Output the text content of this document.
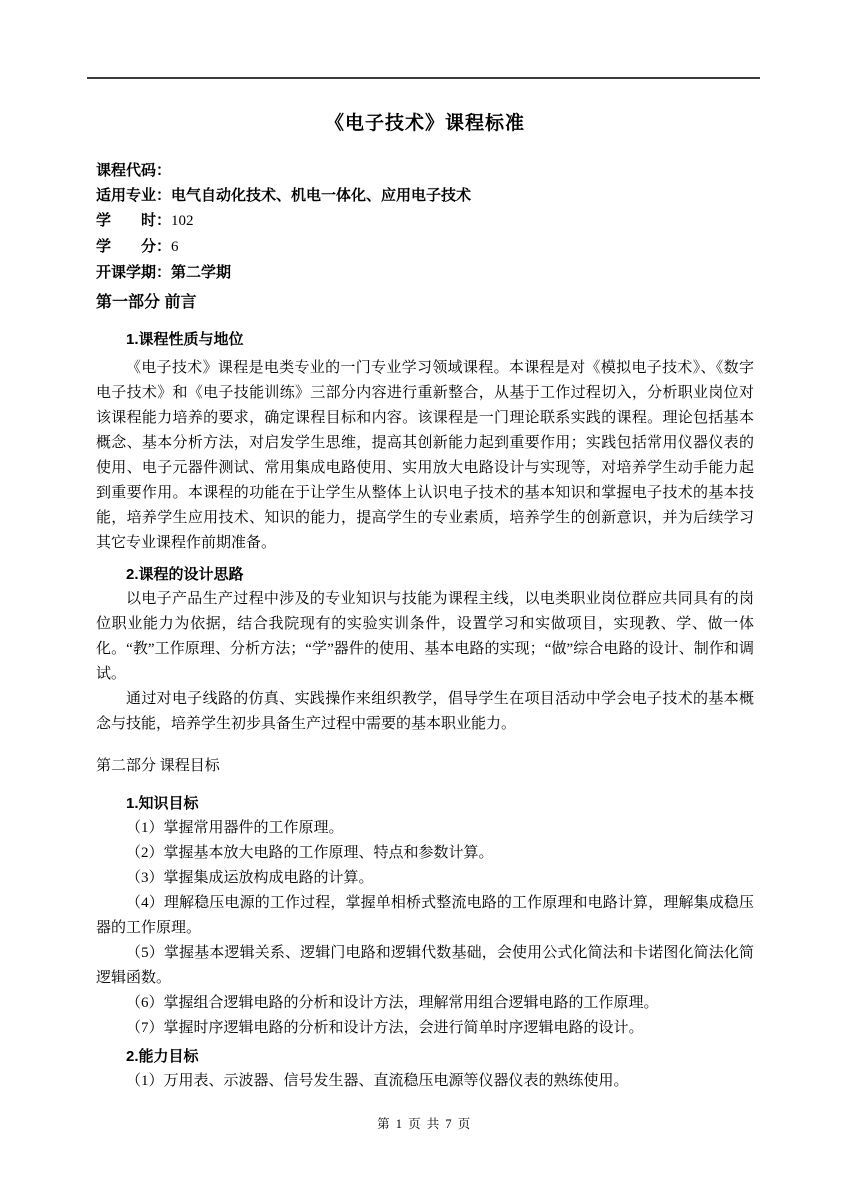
《电子技术》课程标准
课程代码：
适用专业：电气自动化技术、机电一体化、应用电子技术
学　　时：102
学　　分：6
开课学期：第二学期
第一部分 前言
1.课程性质与地位

《电子技术》课程是电类专业的一门专业学习领域课程。本课程是对《模拟电子技术》、《数字电子技术》和《电子技能训练》三部分内容进行重新整合，从基于工作过程切入，分析职业岗位对该课程能力培养的要求，确定课程目标和内容。该课程是一门理论联系实践的课程。理论包括基本概念、基本分析方法，对启发学生思维，提高其创新能力起到重要作用；实践包括常用仪器仪表的使用、电子元器件测试、常用集成电路使用、实用放大电路设计与实现等，对培养学生动手能力起到重要作用。本课程的功能在于让学生从整体上认识电子技术的基本知识和掌握电子技术的基本技能，培养学生应用技术、知识的能力，提高学生的专业素质，培养学生的创新意识，并为后续学习其它专业课程作前期准备。

2.课程的设计思路

以电子产品生产过程中涉及的专业知识与技能为课程主线，以电类职业岗位群应共同具有的岗位职业能力为依据，结合我院现有的实验实训条件，设置学习和实做项目，实现教、学、做一体化。“教”工作原理、分析方法；“学”器件的使用、基本电路的实现；“做”综合电路的设计、制作和调试。

通过对电子线路的仿真、实践操作来组织教学，倡导学生在项目活动中学会电子技术的基本概念与技能，培养学生初步具备生产过程中需要的基本职业能力。

第二部分 课程目标
1.知识目标

（1）掌握常用器件的工作原理。

（2）掌握基本放大电路的工作原理、特点和参数计算。

（3）掌握集成运放构成电路的计算。

（4）理解稳压电源的工作过程，掌握单相桥式整流电路的工作原理和电路计算，理解集成稳压器的工作原理。

（5）掌握基本逻辑关系、逻辑门电路和逻辑代数基础，会使用公式化简法和卡诺图化简法化简逻辑函数。

（6）掌握组合逻辑电路的分析和设计方法，理解常用组合逻辑电路的工作原理。

（7）掌握时序逻辑电路的分析和设计方法，会进行简单时序逻辑电路的设计。

2.能力目标

（1）万用表、示波器、信号发生器、直流稳压电源等仪器仪表的熟练使用。

第 1 页 共 7 页
